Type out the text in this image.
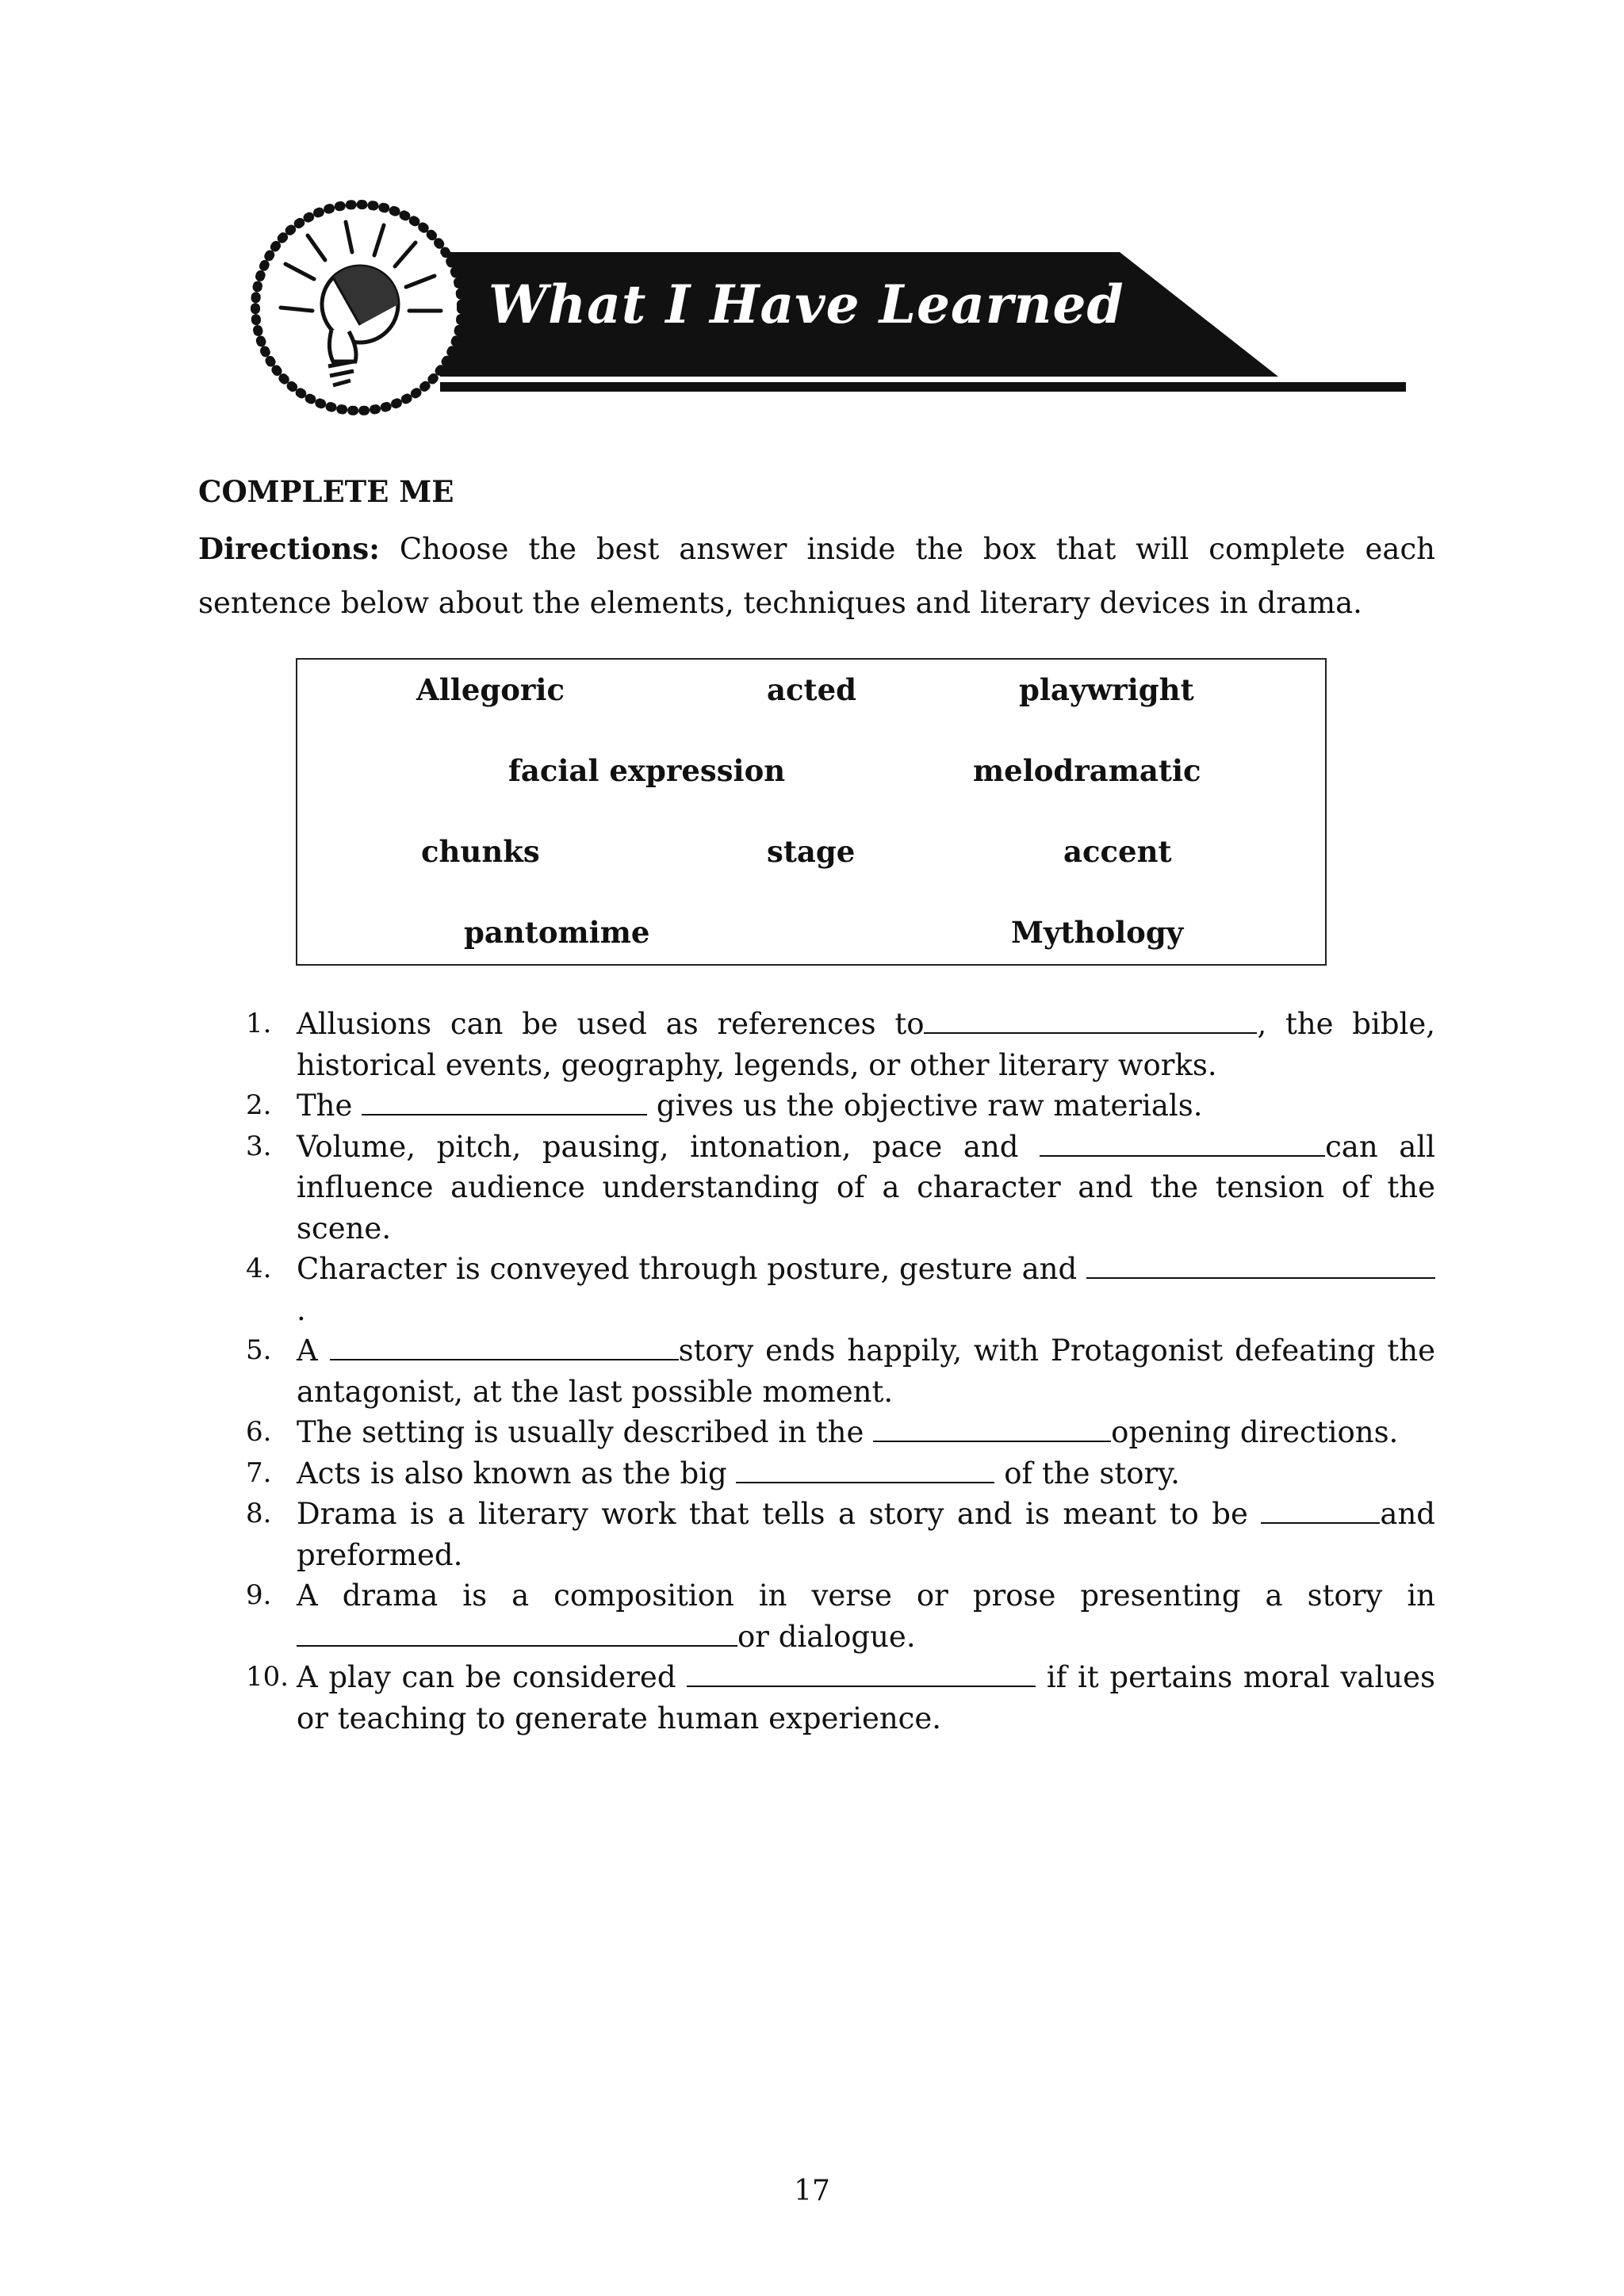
What I Have Learned
COMPLETE ME
Directions: Choose the best answer inside the box that will complete each sentence below about the elements, techniques and literary devices in drama.
Allegoric	acted	playwright
facial expression	melodramatic
chunks	stage	accent
pantomime	Mythology
1. Allusions can be used as references to	, the bible, historical events, geography, legends, or other literary works.
2. The	gives us the objective raw materials.
3. Volume, pitch, pausing, intonation, pace and	can all influence audience understanding of a character and the tension of the scene.
4. Character is conveyed through posture, gesture and .
5. A	story ends happily, with Protagonist defeating the antagonist, at the last possible moment.
6. The setting is usually described in the	opening directions.
7. Acts is also known as the big	of the story.
8. Drama is a literary work that tells a story and is meant to be	and preformed.
9. A drama is a composition in verse or prose presenting a story in or dialogue.
10. A play can be considered	if it pertains moral values or teaching to generate human experience.
17
